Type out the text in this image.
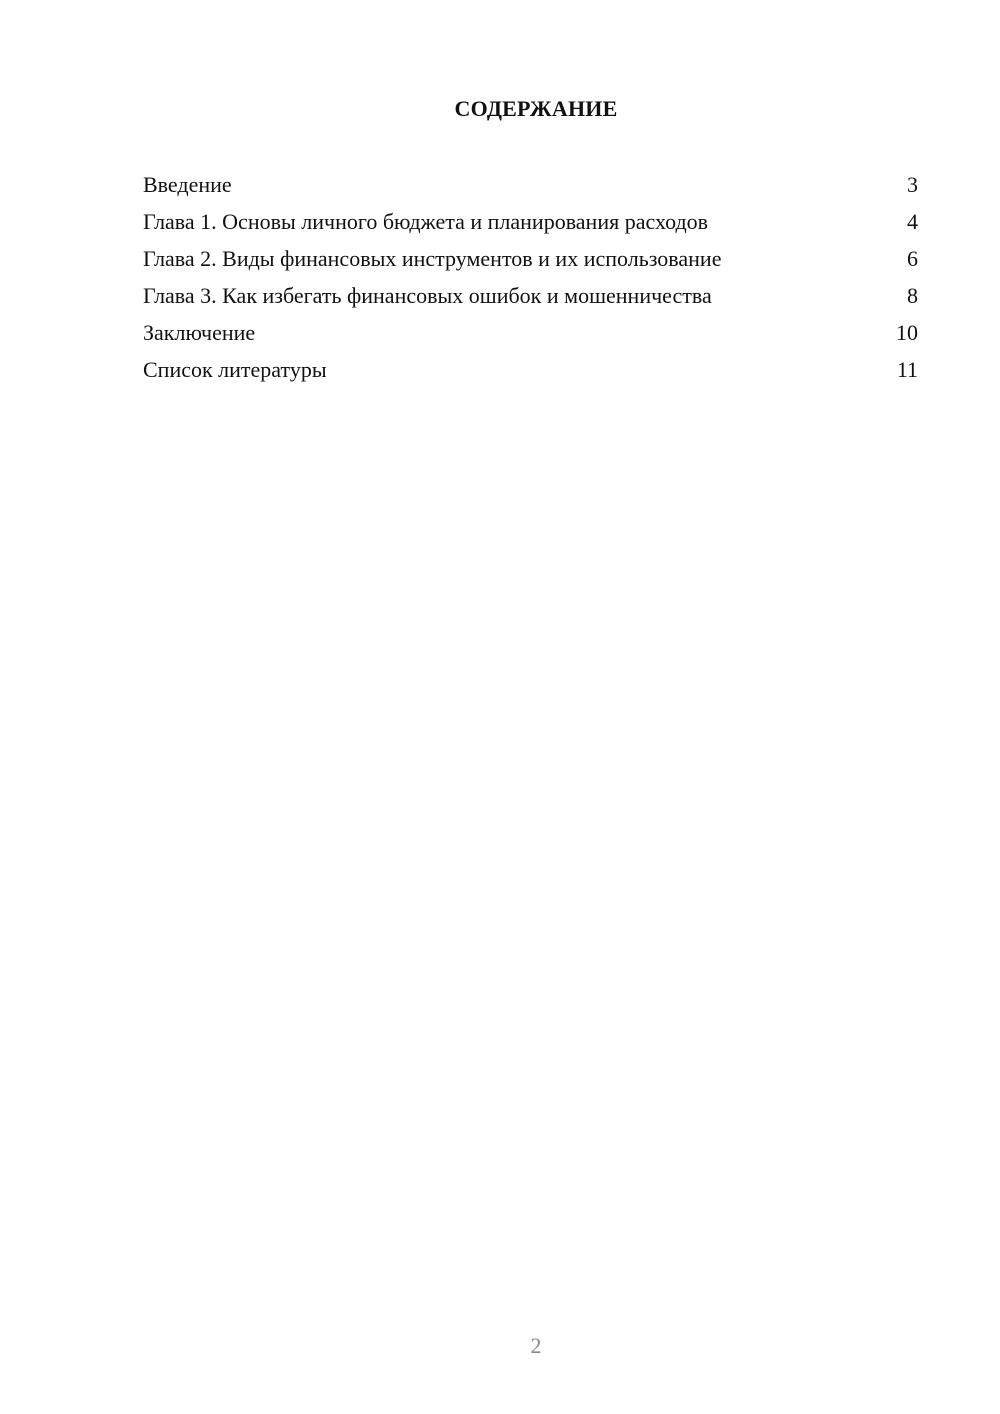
СОДЕРЖАНИЕ
Введение	3
Глава 1. Основы личного бюджета и планирования расходов	4
Глава 2. Виды финансовых инструментов и их использование	6
Глава 3. Как избегать финансовых ошибок и мошенничества	8
Заключение	10
Список литературы	11
2
